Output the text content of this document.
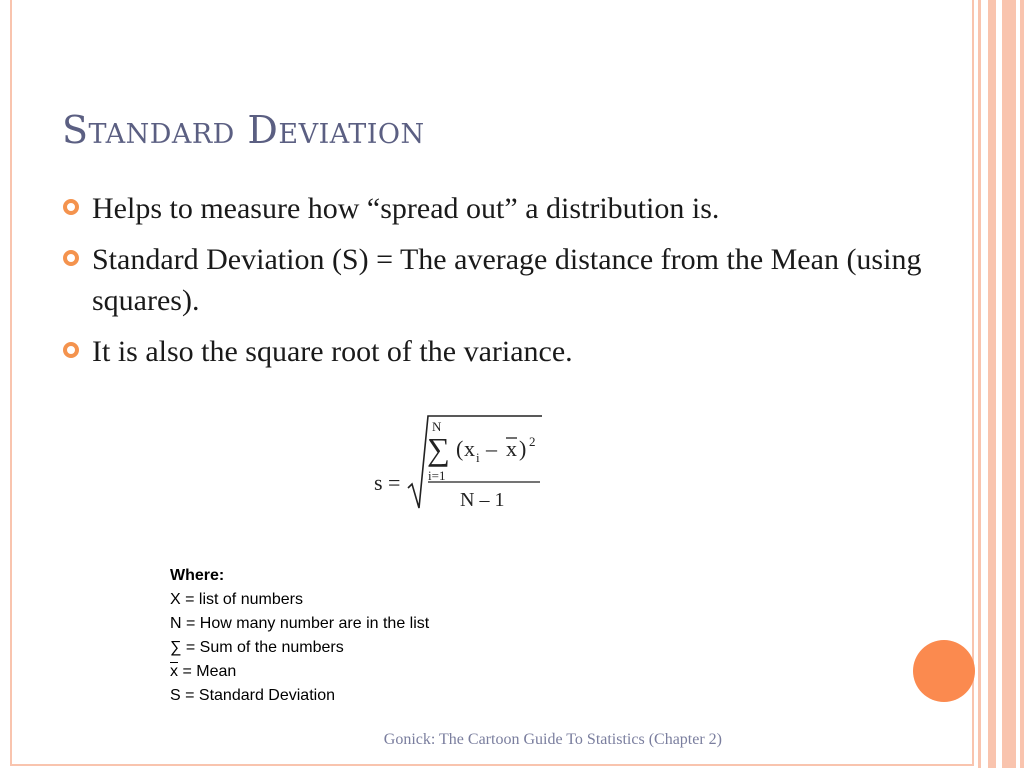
Standard Deviation
Helps to measure how “spread out” a distribution is.
Standard Deviation (S) = The average distance from the Mean (using squares).
It is also the square root of the variance.
s =
N
∑
i=1
( x i – x ) 2
N – 1
Where:
X = list of numbers
N = How many number are in the list
∑ = Sum of the numbers
$\overline{x}$ = Mean
S = Standard Deviation
Gonick: The Cartoon Guide To Statistics (Chapter 2)
